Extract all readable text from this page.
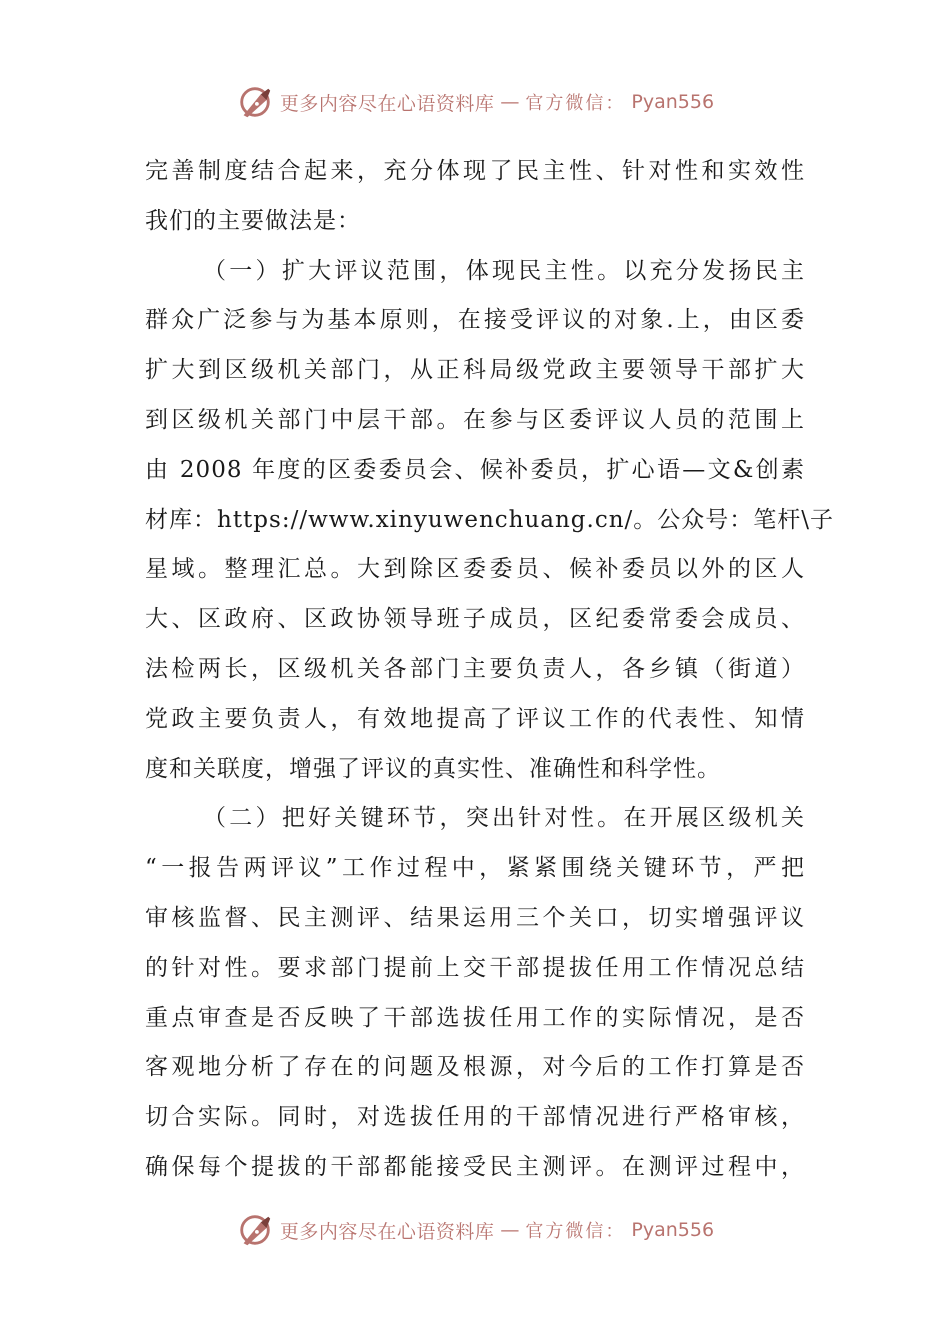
更多内容尽在心语资料库 — 官方微信： Pyan556
完善制度结合起来，充分体现了民主性、针对性和实效性
我们的主要做法是：
（一）扩大评议范围，体现民主性。以充分发扬民主
群众广泛参与为基本原则，在接受评议的对象.上，由区委
扩大到区级机关部门，从正科局级党政主要领导干部扩大
到区级机关部门中层干部。在参与区委评议人员的范围上
由 2008 年度的区委委员会、候补委员，扩心语—文&创素
材库：https://www.xinyuwenchuang.cn/。公众号：笔杆\子
星域。整理汇总。大到除区委委员、候补委员以外的区人
大、区政府、区政协领导班子成员，区纪委常委会成员、
法检两长，区级机关各部门主要负责人，各乡镇（街道）
党政主要负责人，有效地提高了评议工作的代表性、知情
度和关联度，增强了评议的真实性、准确性和科学性。
（二）把好关键环节，突出针对性。在开展区级机关
“一报告两评议”工作过程中，紧紧围绕关键环节，严把
审核监督、民主测评、结果运用三个关口，切实增强评议
的针对性。要求部门提前上交干部提拔任用工作情况总结
重点审查是否反映了干部选拔任用工作的实际情况，是否
客观地分析了存在的问题及根源，对今后的工作打算是否
切合实际。同时，对选拔任用的干部情况进行严格审核，
确保每个提拔的干部都能接受民主测评。在测评过程中，
更多内容尽在心语资料库 — 官方微信： Pyan556
